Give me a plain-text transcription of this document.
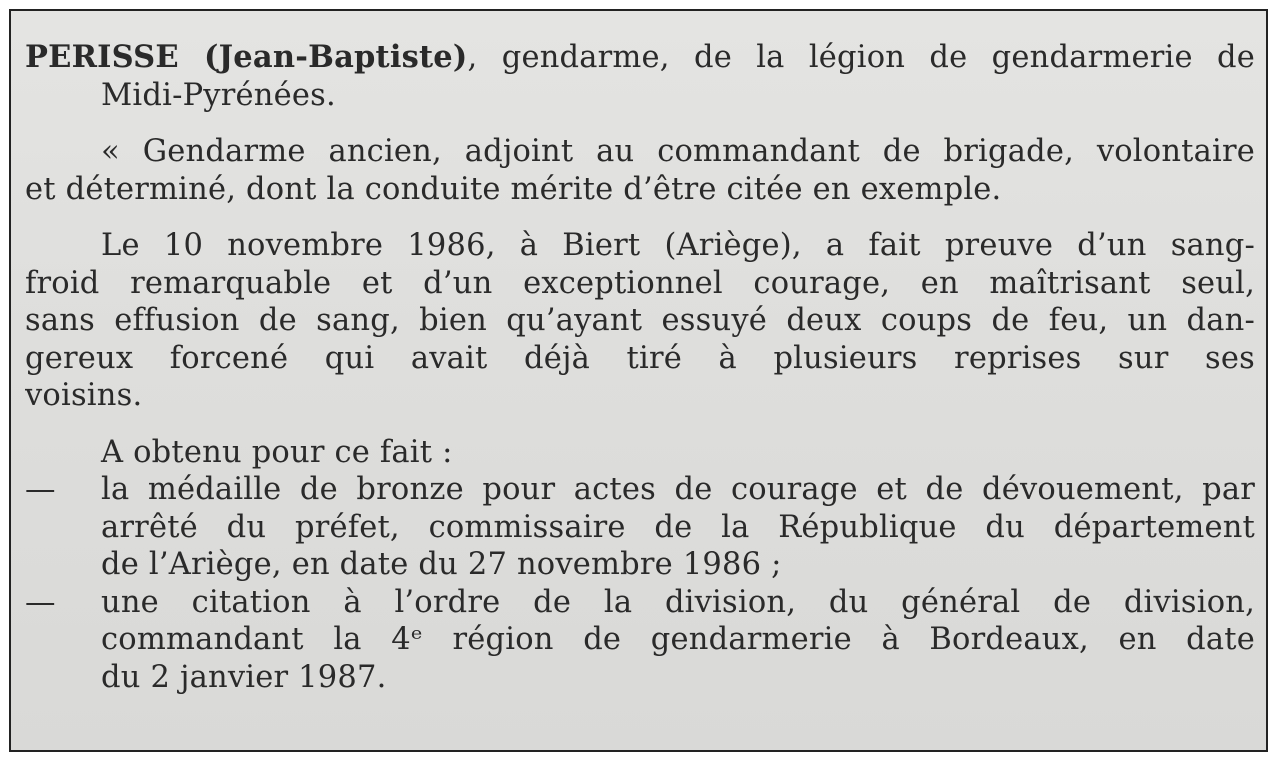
PERISSE (Jean-Baptiste), gendarme, de la légion de gendarmerie de
Midi-Pyrénées.
« Gendarme ancien, adjoint au commandant de brigade, volontaire
et déterminé, dont la conduite mérite d’être citée en exemple.
Le 10 novembre 1986, à Biert (Ariège), a fait preuve d’un sang-
froid remarquable et d’un exceptionnel courage, en maîtrisant seul,
sans effusion de sang, bien qu’ayant essuyé deux coups de feu, un dan-
gereux forcené qui avait déjà tiré à plusieurs reprises sur ses
voisins.
A obtenu pour ce fait :
— la médaille de bronze pour actes de courage et de dévouement, par
arrêté du préfet, commissaire de la République du département
de l’Ariège, en date du 27 novembre 1986 ;
— une citation à l’ordre de la division, du général de division,
commandant la 4ᵉ région de gendarmerie à Bordeaux, en date
du 2 janvier 1987.
